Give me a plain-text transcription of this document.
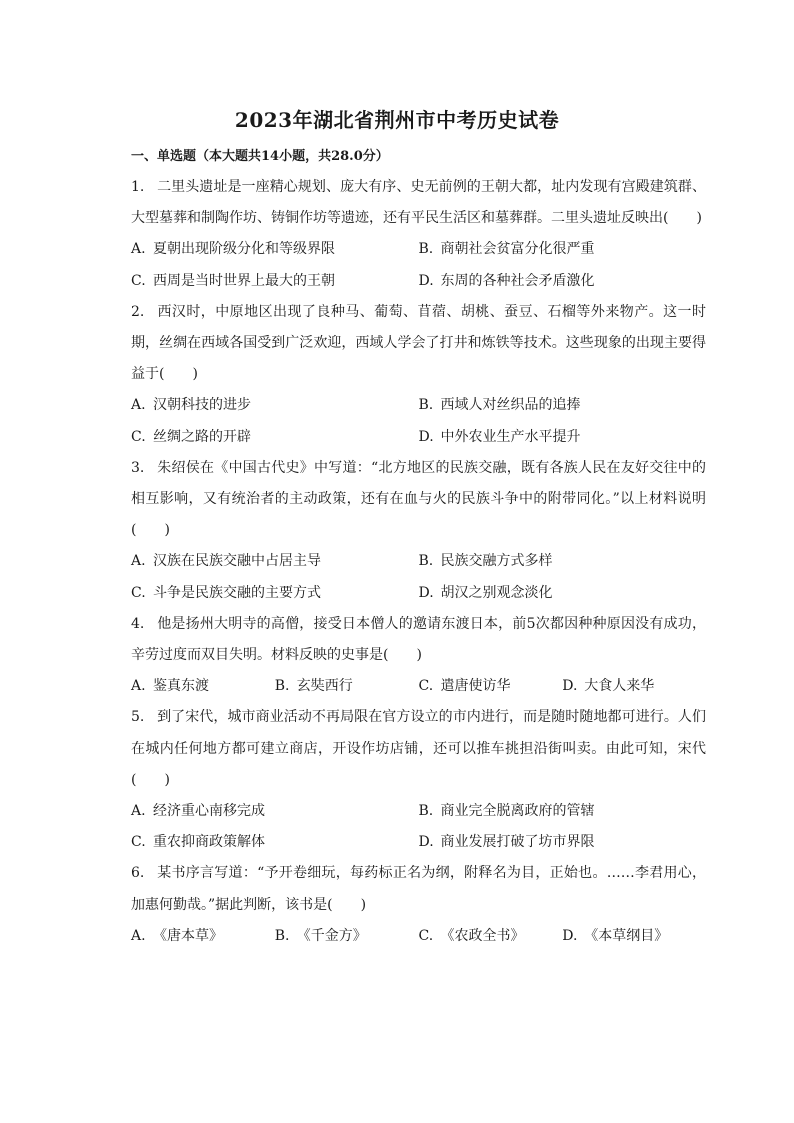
2023年湖北省荆州市中考历史试卷
一、单选题（本大题共14小题，共28.0分）

1. 二里头遗址是一座精心规划、庞大有序、史无前例的王朝大都，址内发现有宫殿建筑群、大型墓葬和制陶作坊、铸铜作坊等遗迹，还有平民生活区和墓葬群。二里头遗址反映出(　　)

A. 夏朝出现阶级分化和等级界限	B. 商朝社会贫富分化很严重
C. 西周是当时世界上最大的王朝	D. 东周的各种社会矛盾激化

2. 西汉时，中原地区出现了良种马、葡萄、苜蓿、胡桃、蚕豆、石榴等外来物产。这一时期，丝绸在西域各国受到广泛欢迎，西域人学会了打井和炼铁等技术。这些现象的出现主要得益于(　　)

A. 汉朝科技的进步	B. 西域人对丝织品的追捧
C. 丝绸之路的开辟	D. 中外农业生产水平提升

3. 朱绍侯在《中国古代史》中写道：“北方地区的民族交融，既有各族人民在友好交往中的相互影响，又有统治者的主动政策，还有在血与火的民族斗争中的附带同化。”以上材料说明(　　)

A. 汉族在民族交融中占居主导	B. 民族交融方式多样
C. 斗争是民族交融的主要方式	D. 胡汉之别观念淡化

4. 他是扬州大明寺的高僧，接受日本僧人的邀请东渡日本，前5次都因种种原因没有成功，辛劳过度而双目失明。材料反映的史事是(　　)

A. 鉴真东渡	B. 玄奘西行	C. 遣唐使访华	D. 大食人来华

5. 到了宋代，城市商业活动不再局限在官方设立的市内进行，而是随时随地都可进行。人们在城内任何地方都可建立商店，开设作坊店铺，还可以推车挑担沿街叫卖。由此可知，宋代(　　)

A. 经济重心南移完成	B. 商业完全脱离政府的管辖
C. 重农抑商政策解体	D. 商业发展打破了坊市界限

6. 某书序言写道：“予开卷细玩，每药标正名为纲，附释名为目，正始也。……李君用心，加惠何勤哉。”据此判断，该书是(　　)

A. 《唐本草》	B. 《千金方》	C. 《农政全书》	D. 《本草纲目》
